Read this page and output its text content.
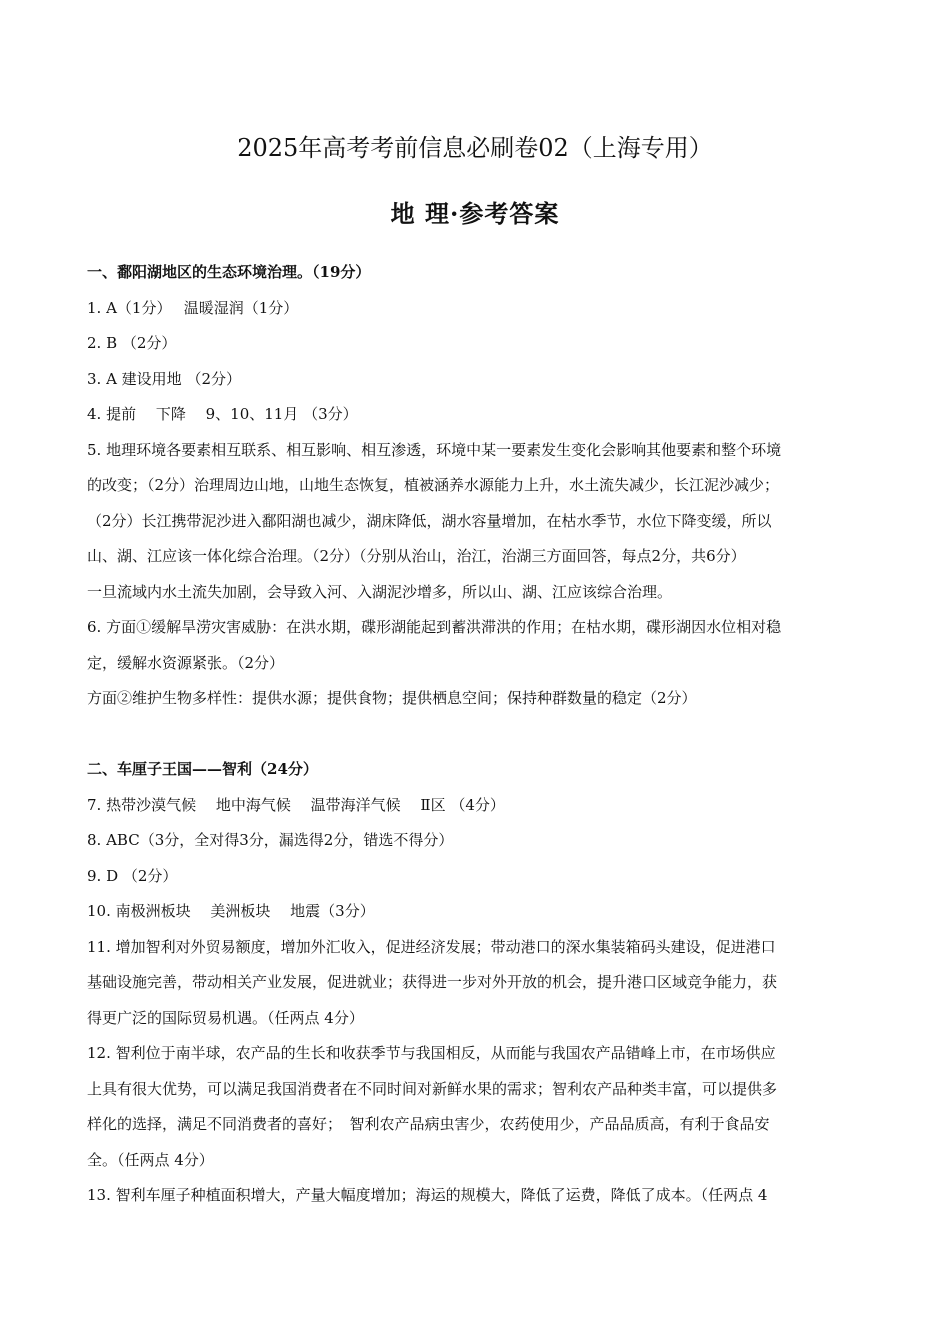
2025年高考考前信息必刷卷02（上海专用）
地 理·参考答案
一、鄱阳湖地区的生态环境治理。（19分）
1. A（1分）　 温暖湿润（1分）
2. B （2分）
3. A 建设用地 （2分）
4. 提前　 下降　 9、10、11月 （3分）
5. 地理环境各要素相互联系、相互影响、相互渗透，环境中某一要素发生变化会影响其他要素和整个环境
的改变；（2分）治理周边山地，山地生态恢复，植被涵养水源能力上升，水土流失减少，长江泥沙减少；
（2分）长江携带泥沙进入鄱阳湖也减少，湖床降低，湖水容量增加，在枯水季节，水位下降变缓，所以
山、湖、江应该一体化综合治理。（2分）（分别从治山，治江，治湖三方面回答，每点2分，共6分）
一旦流域内水土流失加剧，会导致入河、入湖泥沙增多，所以山、湖、江应该综合治理。
6. 方面①缓解旱涝灾害威胁：在洪水期，碟形湖能起到蓄洪滞洪的作用；在枯水期，碟形湖因水位相对稳
定，缓解水资源紧张。（2分）
方面②维护生物多样性：提供水源；提供食物；提供栖息空间；保持种群数量的稳定（2分）
二、车厘子王国——智利（24分）
7. 热带沙漠气候　 地中海气候　 温带海洋气候　 Ⅱ区 （4分）
8. ABC（3分，全对得3分，漏选得2分，错选不得分）
9. D （2分）
10. 南极洲板块　 美洲板块　 地震（3分）
11. 增加智利对外贸易额度，增加外汇收入，促进经济发展；带动港口的深水集装箱码头建设，促进港口
基础设施完善，带动相关产业发展，促进就业；获得进一步对外开放的机会，提升港口区域竞争能力，获
得更广泛的国际贸易机遇。（任两点 4分）
12. 智利位于南半球，农产品的生长和收获季节与我国相反，从而能与我国农产品错峰上市，在市场供应
上具有很大优势，可以满足我国消费者在不同时间对新鲜水果的需求；智利农产品种类丰富，可以提供多
样化的选择，满足不同消费者的喜好；　智利农产品病虫害少，农药使用少，产品品质高，有利于食品安
全。（任两点 4分）
13. 智利车厘子种植面积增大，产量大幅度增加；海运的规模大，降低了运费，降低了成本。（任两点 4
